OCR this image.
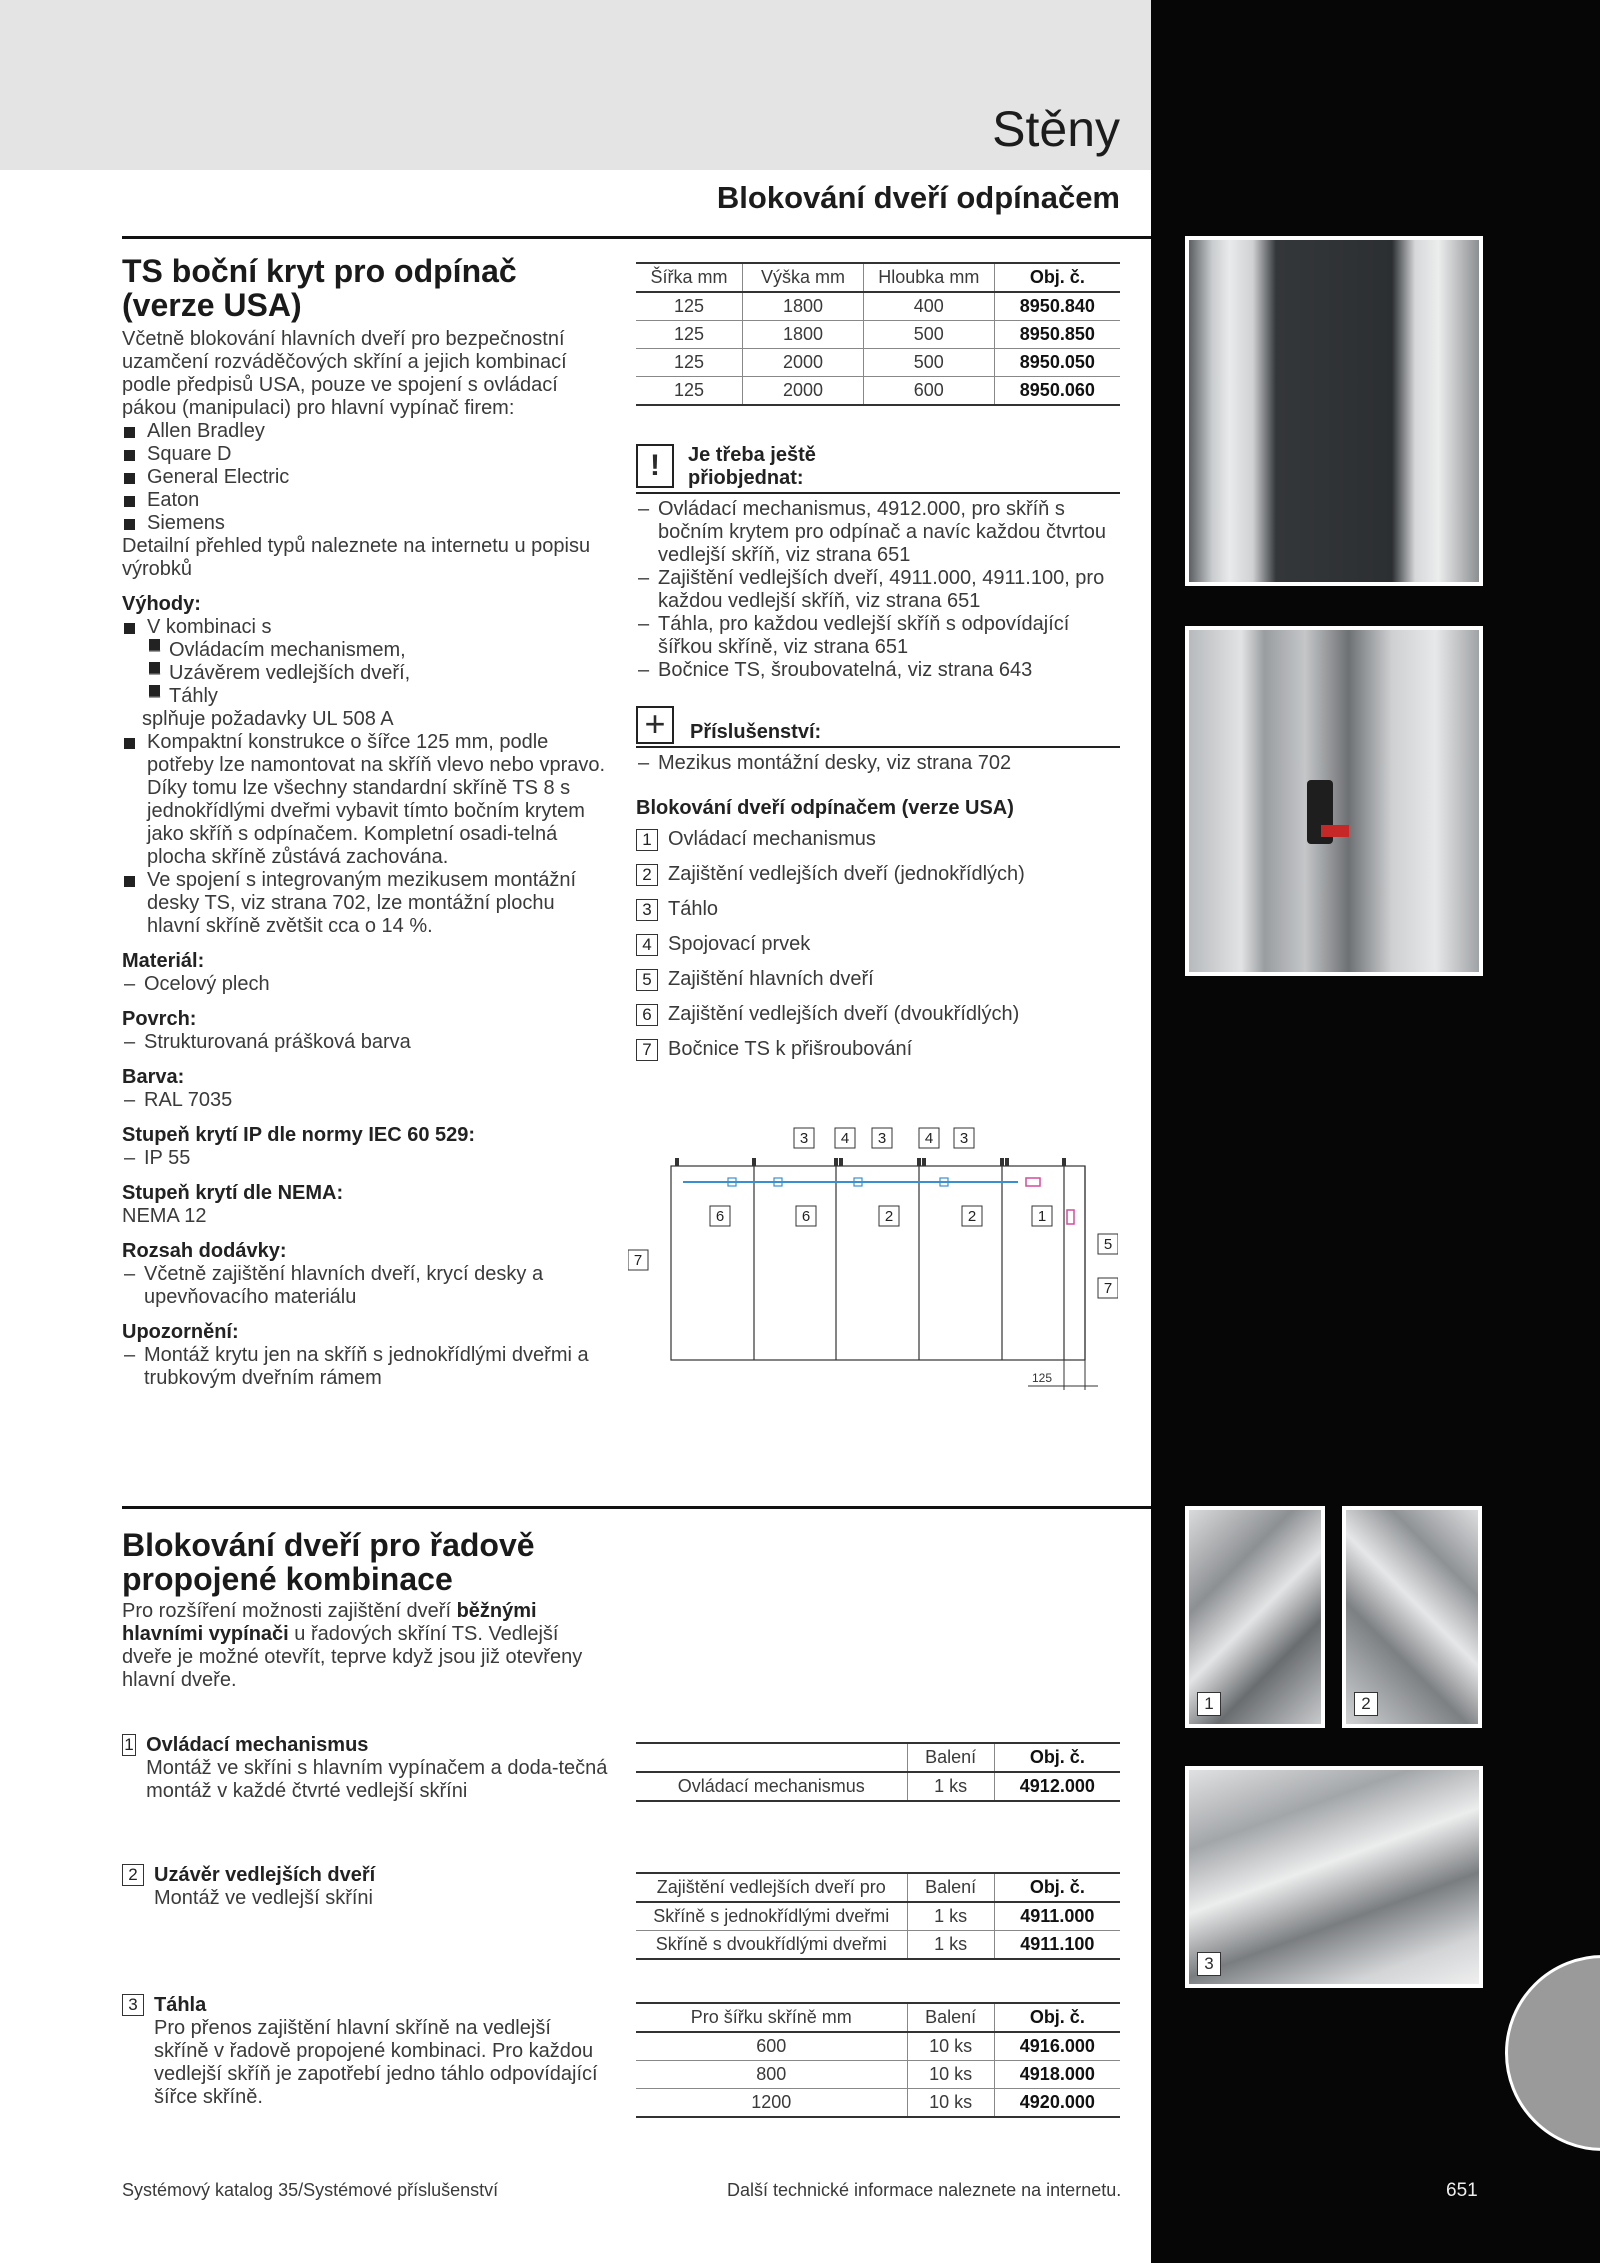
Stěny
Blokování dveří odpínačem
TS boční kryt pro odpínač (verze USA)
Včetně blokování hlavních dveří pro bezpečnostní uzamčení rozváděčových skříní a jejich kombinací podle předpisů USA, pouze ve spojení s ovládací pákou (manipulaci) pro hlavní vypínač firem:
Allen Bradley
Square D
General Electric
Eaton
Siemens
Detailní přehled typů naleznete na internetu u popisu výrobků
Výhody:
V kombinaci s
– Ovládacím mechanismem,
– Uzávěrem vedlejších dveří,
– Táhly
splňuje požadavky UL 508 A
Kompaktní konstrukce o šířce 125 mm, podle potřeby lze namontovat na skříň vlevo nebo vpravo. Díky tomu lze všechny standardní skříně TS 8 s jednokřídlými dveřmi vybavit tímto bočním krytem jako skříň s odpínačem. Kompletní osadi-telná plocha skříně zůstává zachována.
Ve spojení s integrovaným mezikusem montážní desky TS, viz strana 702, lze montážní plochu hlavní skříně zvětšit cca o 14 %.
Materiál:
– Ocelový plech
Povrch:
– Strukturovaná prášková barva
Barva:
– RAL 7035
Stupeň krytí IP dle normy IEC 60 529:
– IP 55
Stupeň krytí dle NEMA:
NEMA 12
Rozsah dodávky:
– Včetně zajištění hlavních dveří, krycí desky a upevňovacího materiálu
Upozornění:
– Montáž krytu jen na skříň s jednokřídlými dveřmi a trubkovým dveřním rámem
Šířka mm	Výška mm	Hloubka mm	Obj. č.
125	1800	400	8950.840
125	1800	500	8950.850
125	2000	500	8950.050
125	2000	600	8950.060
!	Je třeba ještě přiobjednat:
– Ovládací mechanismus, 4912.000, pro skříň s bočním krytem pro odpínač a navíc každou čtvrtou vedlejší skříň, viz strana 651
– Zajištění vedlejších dveří, 4911.000, 4911.100, pro každou vedlejší skříň, viz strana 651
– Táhla, pro každou vedlejší skříň s odpovídající šířkou skříně, viz strana 651
– Bočnice TS, šroubovatelná, viz strana 643
+	Příslušenství:
– Mezikus montážní desky, viz strana 702
Blokování dveří odpínačem (verze USA)
1 Ovládací mechanismus
2 Zajištění vedlejších dveří (jednokřídlých)
3 Táhlo
4 Spojovací prvek
5 Zajištění hlavních dveří
6 Zajištění vedlejších dveří (dvoukřídlých)
7 Bočnice TS k přišroubování
3 4 3	4 3
6	6	2	2	1
7
5
7
125
Blokování dveří pro řadově propojené kombinace
Pro rozšíření možnosti zajištění dveří běžnými hlavními vypínači u řadových skříní TS. Vedlejší dveře je možné otevřít, teprve když jsou již otevřeny hlavní dveře.
1 Ovládací mechanismus
Montáž ve skříni s hlavním vypínačem a doda-tečná montáž v každé čtvrté vedlejší skříni
2 Uzávěr vedlejších dveří
Montáž ve vedlejší skříni
3 Táhla
Pro přenos zajištění hlavní skříně na vedlejší skříně v řadově propojené kombinaci. Pro každou vedlejší skříň je zapotřebí jedno táhlo odpovídající šířce skříně.
	Balení	Obj. č.
Ovládací mechanismus	1 ks	4912.000
Zajištění vedlejších dveří pro	Balení	Obj. č.
Skříně s jednokřídlými dveřmi	1 ks	4911.000
Skříně s dvoukřídlými dveřmi	1 ks	4911.100
Pro šířku skříně mm	Balení	Obj. č.
600	10 ks	4916.000
800	10 ks	4918.000
1200	10 ks	4920.000
1	2
3
Systémový katalog 35/Systémové příslušenství	Další technické informace naleznete na internetu.	651
